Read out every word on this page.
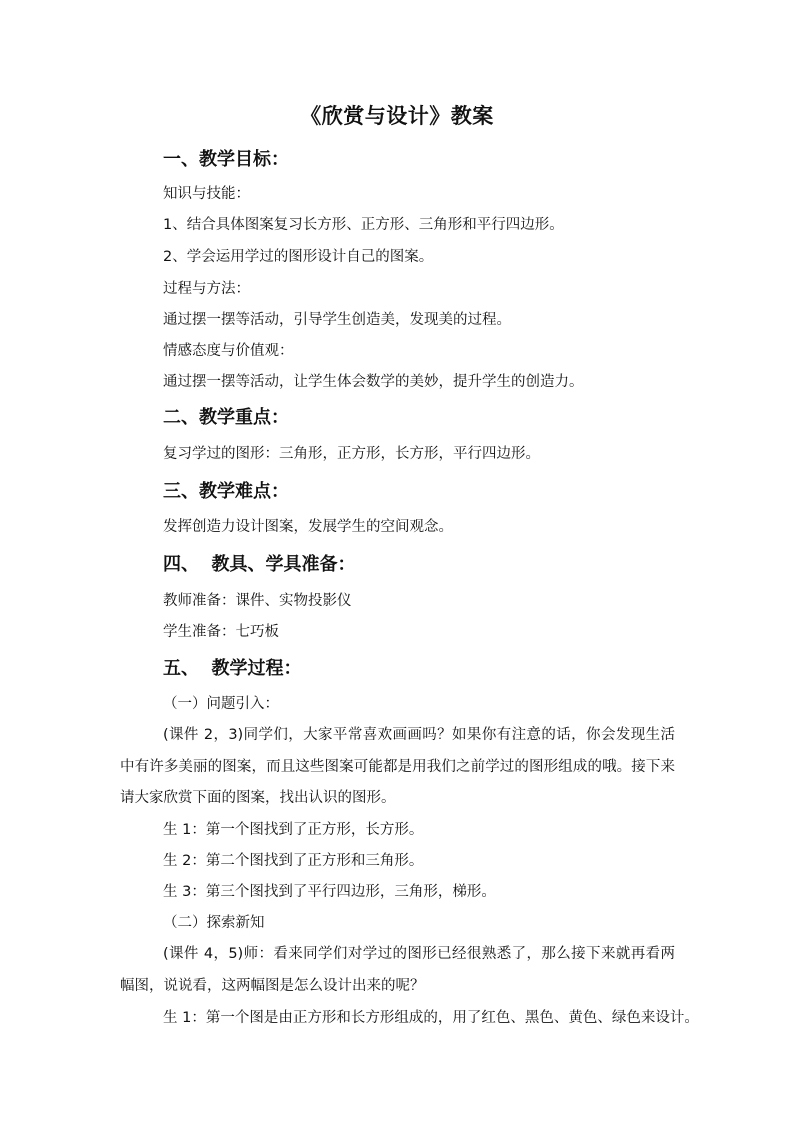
《欣赏与设计》教案
一、教学目标：
知识与技能：
1、结合具体图案复习长方形、正方形、三角形和平行四边形。
2、学会运用学过的图形设计自己的图案。
过程与方法：
通过摆一摆等活动，引导学生创造美，发现美的过程。
情感态度与价值观：
通过摆一摆等活动，让学生体会数学的美妙，提升学生的创造力。
二、教学重点：
复习学过的图形：三角形，正方形，长方形，平行四边形。
三、教学难点：
发挥创造力设计图案，发展学生的空间观念。
四、  教具、学具准备：
教师准备：课件、实物投影仪
学生准备：七巧板
五、  教学过程：
（一）问题引入：
(课件 2，3)同学们，大家平常喜欢画画吗？如果你有注意的话，你会发现生活中有许多美丽的图案，而且这些图案可能都是用我们之前学过的图形组成的哦。接下来请大家欣赏下面的图案，找出认识的图形。
生 1：第一个图找到了正方形，长方形。
生 2：第二个图找到了正方形和三角形。
生 3：第三个图找到了平行四边形，三角形，梯形。
（二）探索新知
(课件 4，5)师：看来同学们对学过的图形已经很熟悉了，那么接下来就再看两幅图，说说看，这两幅图是怎么设计出来的呢？
生 1：第一个图是由正方形和长方形组成的，用了红色、黑色、黄色、绿色来设计。
